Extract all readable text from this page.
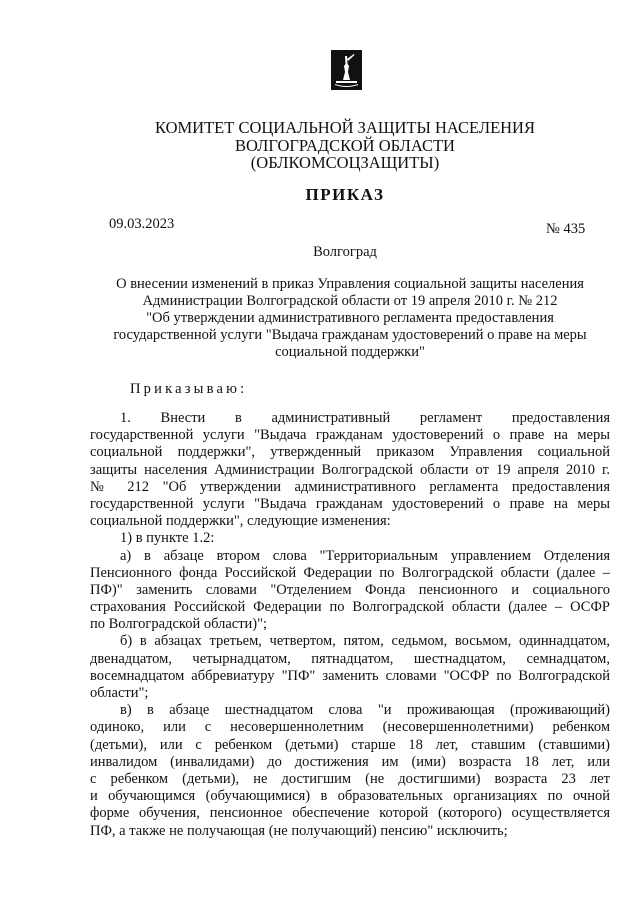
КОМИТЕТ СОЦИАЛЬНОЙ ЗАЩИТЫ НАСЕЛЕНИЯ
ВОЛГОГРАДСКОЙ ОБЛАСТИ
(ОБЛКОМСОЦЗАЩИТЫ)
ПРИКАЗ
09.03.2023	№ 435
Волгоград
О внесении изменений в приказ Управления социальной защиты населения
Администрации Волгоградской области от 19 апреля 2010 г. № 212
"Об утверждении административного регламента предоставления
государственной услуги "Выдача гражданам удостоверений о праве на меры
социальной поддержки"
Приказываю:
1. Внести в административный регламент предоставления
государственной услуги "Выдача гражданам удостоверений о праве на меры
социальной поддержки", утвержденный приказом Управления социальной
защиты населения Администрации Волгоградской области от 19 апреля 2010 г.
№ 212 "Об утверждении административного регламента предоставления
государственной услуги "Выдача гражданам удостоверений о праве на меры
социальной поддержки", следующие изменения:
1) в пункте 1.2:
а) в абзаце втором слова "Территориальным управлением Отделения
Пенсионного фонда Российской Федерации по Волгоградской области (далее –
ПФ)" заменить словами "Отделением Фонда пенсионного и социального
страхования Российской Федерации по Волгоградской области (далее – ОСФР
по Волгоградской области)";
б) в абзацах третьем, четвертом, пятом, седьмом, восьмом, одиннадцатом,
двенадцатом, четырнадцатом, пятнадцатом, шестнадцатом, семнадцатом,
восемнадцатом аббревиатуру "ПФ" заменить словами "ОСФР по Волгоградской
области";
в) в абзаце шестнадцатом слова "и проживающая (проживающий)
одиноко, или с несовершеннолетним (несовершеннолетними) ребенком
(детьми), или с ребенком (детьми) старше 18 лет, ставшим (ставшими)
инвалидом (инвалидами) до достижения им (ими) возраста 18 лет, или
с ребенком (детьми), не достигшим (не достигшими) возраста 23 лет
и обучающимся (обучающимися) в образовательных организациях по очной
форме обучения, пенсионное обеспечение которой (которого) осуществляется
ПФ, а также не получающая (не получающий) пенсию" исключить;
